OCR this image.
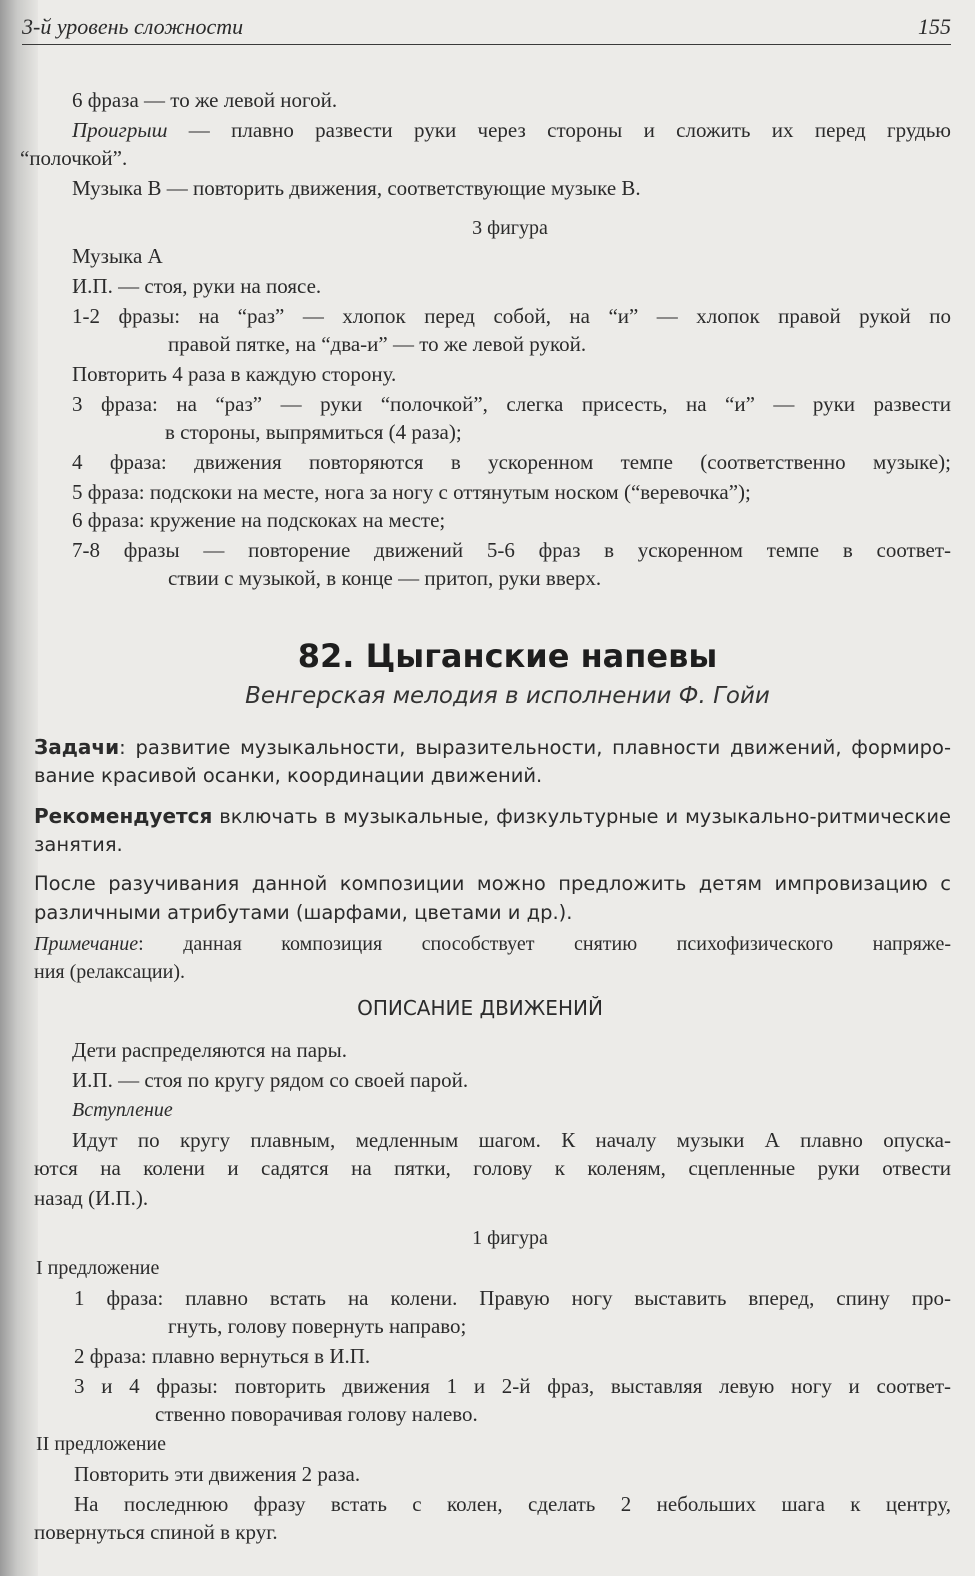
3-й уровень сложности	155
6 фраза — то же левой ногой.
Проигрыш — плавно развести руки через стороны и сложить их перед грудью
“полочкой”.
Музыка В — повторить движения, соответствующие музыке В.
3 фигура
Музыка А
И.П. — стоя, руки на поясе.
1-2 фразы: на “раз” — хлопок перед собой, на “и” — хлопок правой рукой по
правой пятке, на “два-и” — то же левой рукой.
Повторить 4 раза в каждую сторону.
3 фраза: на “раз” — руки “полочкой”, слегка присесть, на “и” — руки развести
в стороны, выпрямиться (4 раза);
4 фраза: движения повторяются в ускоренном темпе (соответственно музыке);
5 фраза: подскоки на месте, нога за ногу с оттянутым носком (“веревочка”);
6 фраза: кружение на подскоках на месте;
7-8 фразы — повторение движений 5-6 фраз в ускоренном темпе в соответ-
ствии с музыкой, в конце — притоп, руки вверх.
82. Цыганские напевы
Венгерская мелодия в исполнении Ф. Гойи
Задачи: развитие музыкальности, выразительности, плавности движений, формиро-
вание красивой осанки, координации движений.
Рекомендуется включать в музыкальные, физкультурные и музыкально-ритмические
занятия.
После разучивания данной композиции можно предложить детям импровизацию с
различными атрибутами (шарфами, цветами и др.).
Примечание: данная композиция способствует снятию психофизического напряже-
ния (релаксации).
ОПИСАНИЕ ДВИЖЕНИЙ
Дети распределяются на пары.
И.П. — стоя по кругу рядом со своей парой.
Вступление
Идут по кругу плавным, медленным шагом. К началу музыки А плавно опуска-
ются на колени и садятся на пятки, голову к коленям, сцепленные руки отвести
назад (И.П.).
1 фигура
I предложение
1 фраза: плавно встать на колени. Правую ногу выставить вперед, спину про-
гнуть, голову повернуть направо;
2 фраза: плавно вернуться в И.П.
3 и 4 фразы: повторить движения 1 и 2-й фраз, выставляя левую ногу и соответ-
ственно поворачивая голову налево.
II предложение
Повторить эти движения 2 раза.
На последнюю фразу встать с колен, сделать 2 небольших шага к центру,
повернуться спиной в круг.
